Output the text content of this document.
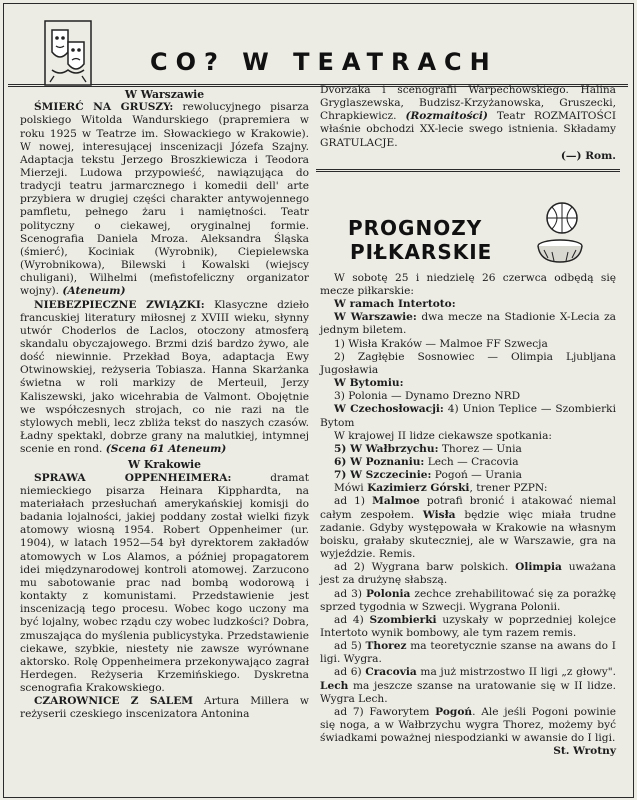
CO? W TEATRACH

W Warszawie

ŚMIERĆ NA GRUSZY: rewolucyjnego pisarza polskiego Witolda Wandurskiego (prapremiera w roku 1925 w Teatrze im. Słowackiego w Krakowie). W nowej, interesującej inscenizacji Józefa Szajny. Adaptacja tekstu Jerzego Broszkiewicza i Teodora Mierzeji. Ludowa przypowieść, nawiązująca do tradycji teatru jarmarcznego i komedii dell' arte przybiera w drugiej części charakter antywojennego pamfletu, pełnego żaru i namiętności. Teatr polityczny o ciekawej, oryginalnej formie. Scenografia Daniela Mroza. Aleksandra Śląska (śmierć), Kociniak (Wyrobnik), Ciepielewska (Wyrobnikowa), Bilewski i Kowalski (wiejscy chuligani), Wilhelmi (mefistofeliczny organizator wojny). (Ateneum)

NIEBEZPIECZNE ZWIĄZKI: Klasyczne dzieło francuskiej literatury miłosnej z XVIII wieku, słynny utwór Choderlos de Laclos, otoczony atmosferą skandalu obyczajowego. Brzmi dziś bardzo żywo, ale dość niewinnie. Przekład Boya, adaptacja Ewy Otwinowskiej, reżyseria Tobiasza. Hanna Skarżanka świetna w roli markizy de Merteuil, Jerzy Kaliszewski, jako wicehrabia de Valmont. Obojętnie we współczesnych strojach, co nie razi na tle stylowych mebli, lecz zbliża tekst do naszych czasów. Ładny spektakl, dobrze grany na malutkiej, intymnej scenie en rond. (Scena 61 Ateneum)

W Krakowie

SPRAWA OPPENHEIMERA: dramat niemieckiego pisarza Heinara Kipphardta, na materiałach przesłuchań amerykańskiej komisji do badania lojalności, jakiej poddany został wielki fizyk atomowy wiosną 1954. Robert Oppenheimer (ur. 1904), w latach 1952—54 był dyrektorem zakładów atomowych w Los Alamos, a później propagatorem idei międzynarodowej kontroli atomowej. Zarzucono mu sabotowanie prac nad bombą wodorową i kontakty z komunistami. Przedstawienie jest inscenizacją tego procesu. Wobec kogo uczony ma być lojalny, wobec rządu czy wobec ludzkości? Dobra, zmuszająca do myślenia publicystyka. Przedstawienie ciekawe, szybkie, niestety nie zawsze wyrównane aktorsko. Rolę Oppenheimera przekonywająco zagrał Herdegen. Reżyseria Krzemińskiego. Dyskretna scenografia Krakowskiego.

CZAROWNICE Z SALEM Artura Millera w reżyserii czeskiego inscenizatora Antonina

Dvorzaka i scenografii Warpechowskiego. Halina Gryglaszewska, Budzisz-Krzyżanowska, Gruszecki, Chrapkiewicz. (Rozmaitości) Teatr ROZMAITOŚCI właśnie obchodzi XX-lecie swego istnienia. Składamy GRATULACJE.

(—) Rom.

PROGNOZY
PIŁKARSKIE

W sobotę 25 i niedzielę 26 czerwca odbędą się mecze piłkarskie:

W ramach Intertoto:

W Warszawie: dwa mecze na Stadionie X-Lecia za jednym biletem.

1) Wisła Kraków — Malmoe FF Szwecja

2) Zagłębie Sosnowiec — Olimpia Ljubljana Jugosławia

W Bytomiu:

3) Polonia — Dynamo Drezno NRD

W Czechosłowacji: 4) Union Teplice — Szombierki Bytom

W krajowej II lidze ciekawsze spotkania:

5) W Wałbrzychu: Thorez — Unia

6) W Poznaniu: Lech — Cracovia

7) W Szczecinie: Pogoń — Urania

Mówi Kazimierz Górski, trener PZPN:

ad 1) Malmoe potrafi bronić i atakować niemal całym zespołem. Wisła będzie więc miała trudne zadanie. Gdyby występowała w Krakowie na własnym boisku, grałaby skuteczniej, ale w Warszawie, gra na wyjeździe. Remis.

ad 2) Wygrana barw polskich. Olimpia uważana jest za drużynę słabszą.

ad 3) Polonia zechce zrehabilitować się za porażkę sprzed tygodnia w Szwecji. Wygrana Polonii.

ad 4) Szombierki uzyskały w poprzedniej kolejce Intertoto wynik bombowy, ale tym razem remis.

ad 5) Thorez ma teoretycznie szanse na awans do I ligi. Wygra.

ad 6) Cracovia ma już mistrzostwo II ligi „z głowy". Lech ma jeszcze szanse na uratowanie się w II lidze. Wygra Lech.

ad 7) Faworytem Pogoń. Ale jeśli Pogoni powinie się noga, a w Wałbrzychu wygra Thorez, możemy być świadkami poważnej niespodzianki w awansie do I ligi.

St. Wrotny
